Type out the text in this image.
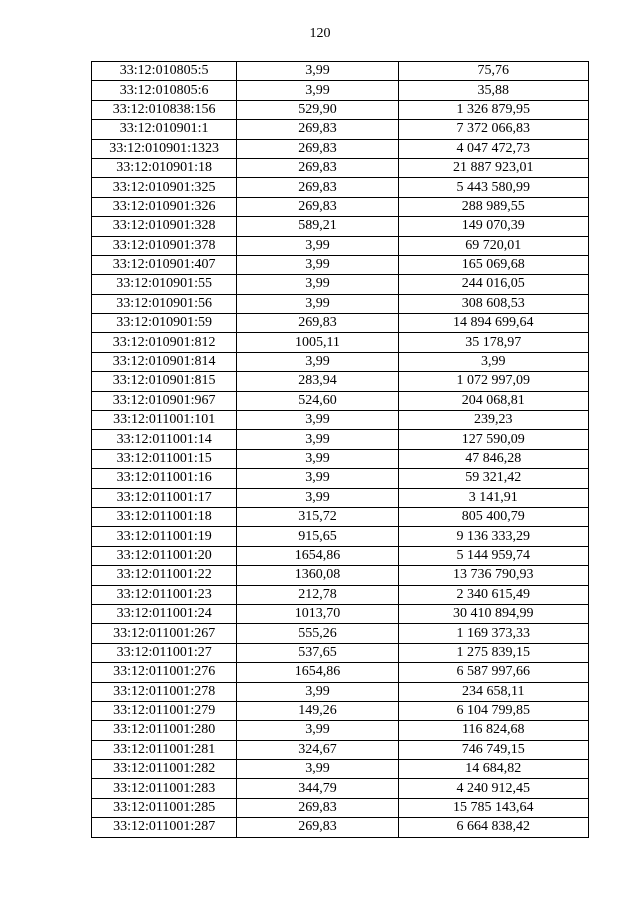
120
33:12:010805:5	3,99	75,76
33:12:010805:6	3,99	35,88
33:12:010838:156	529,90	1 326 879,95
33:12:010901:1	269,83	7 372 066,83
33:12:010901:1323	269,83	4 047 472,73
33:12:010901:18	269,83	21 887 923,01
33:12:010901:325	269,83	5 443 580,99
33:12:010901:326	269,83	288 989,55
33:12:010901:328	589,21	149 070,39
33:12:010901:378	3,99	69 720,01
33:12:010901:407	3,99	165 069,68
33:12:010901:55	3,99	244 016,05
33:12:010901:56	3,99	308 608,53
33:12:010901:59	269,83	14 894 699,64
33:12:010901:812	1005,11	35 178,97
33:12:010901:814	3,99	3,99
33:12:010901:815	283,94	1 072 997,09
33:12:010901:967	524,60	204 068,81
33:12:011001:101	3,99	239,23
33:12:011001:14	3,99	127 590,09
33:12:011001:15	3,99	47 846,28
33:12:011001:16	3,99	59 321,42
33:12:011001:17	3,99	3 141,91
33:12:011001:18	315,72	805 400,79
33:12:011001:19	915,65	9 136 333,29
33:12:011001:20	1654,86	5 144 959,74
33:12:011001:22	1360,08	13 736 790,93
33:12:011001:23	212,78	2 340 615,49
33:12:011001:24	1013,70	30 410 894,99
33:12:011001:267	555,26	1 169 373,33
33:12:011001:27	537,65	1 275 839,15
33:12:011001:276	1654,86	6 587 997,66
33:12:011001:278	3,99	234 658,11
33:12:011001:279	149,26	6 104 799,85
33:12:011001:280	3,99	116 824,68
33:12:011001:281	324,67	746 749,15
33:12:011001:282	3,99	14 684,82
33:12:011001:283	344,79	4 240 912,45
33:12:011001:285	269,83	15 785 143,64
33:12:011001:287	269,83	6 664 838,42
